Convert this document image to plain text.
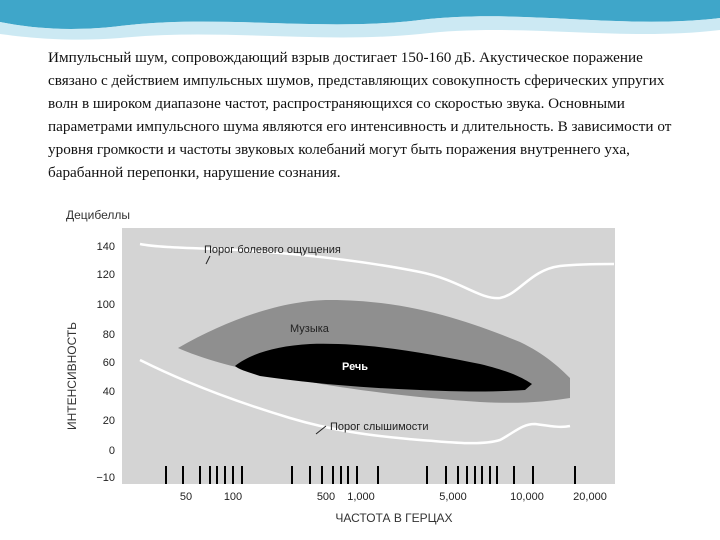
Импульсный шум, сопровождающий взрыв достигает 150-160 дБ. Акустическое поражение связано с действием импульсных шумов, представляющих совокупность сферических упругих волн в широком диапазоне частот, распространяющихся со скоростью звука. Основными параметрами импульсного шума являются его интенсивность и длительность. В зависимости от уровня громкости и частоты звуковых колебаний могут быть поражения внутреннего уха, барабанной перепонки, нарушение сознания.

Децибеллы
ИНТЕНСИВНОСТЬ
140
120
100
80
60
40
20
0
−10
Порог болевого ощущения
Музыка
Речь
Порог слышимости
50	100	500 1,000	5,000	10,000	20,000
ЧАСТОТА В ГЕРЦАХ
